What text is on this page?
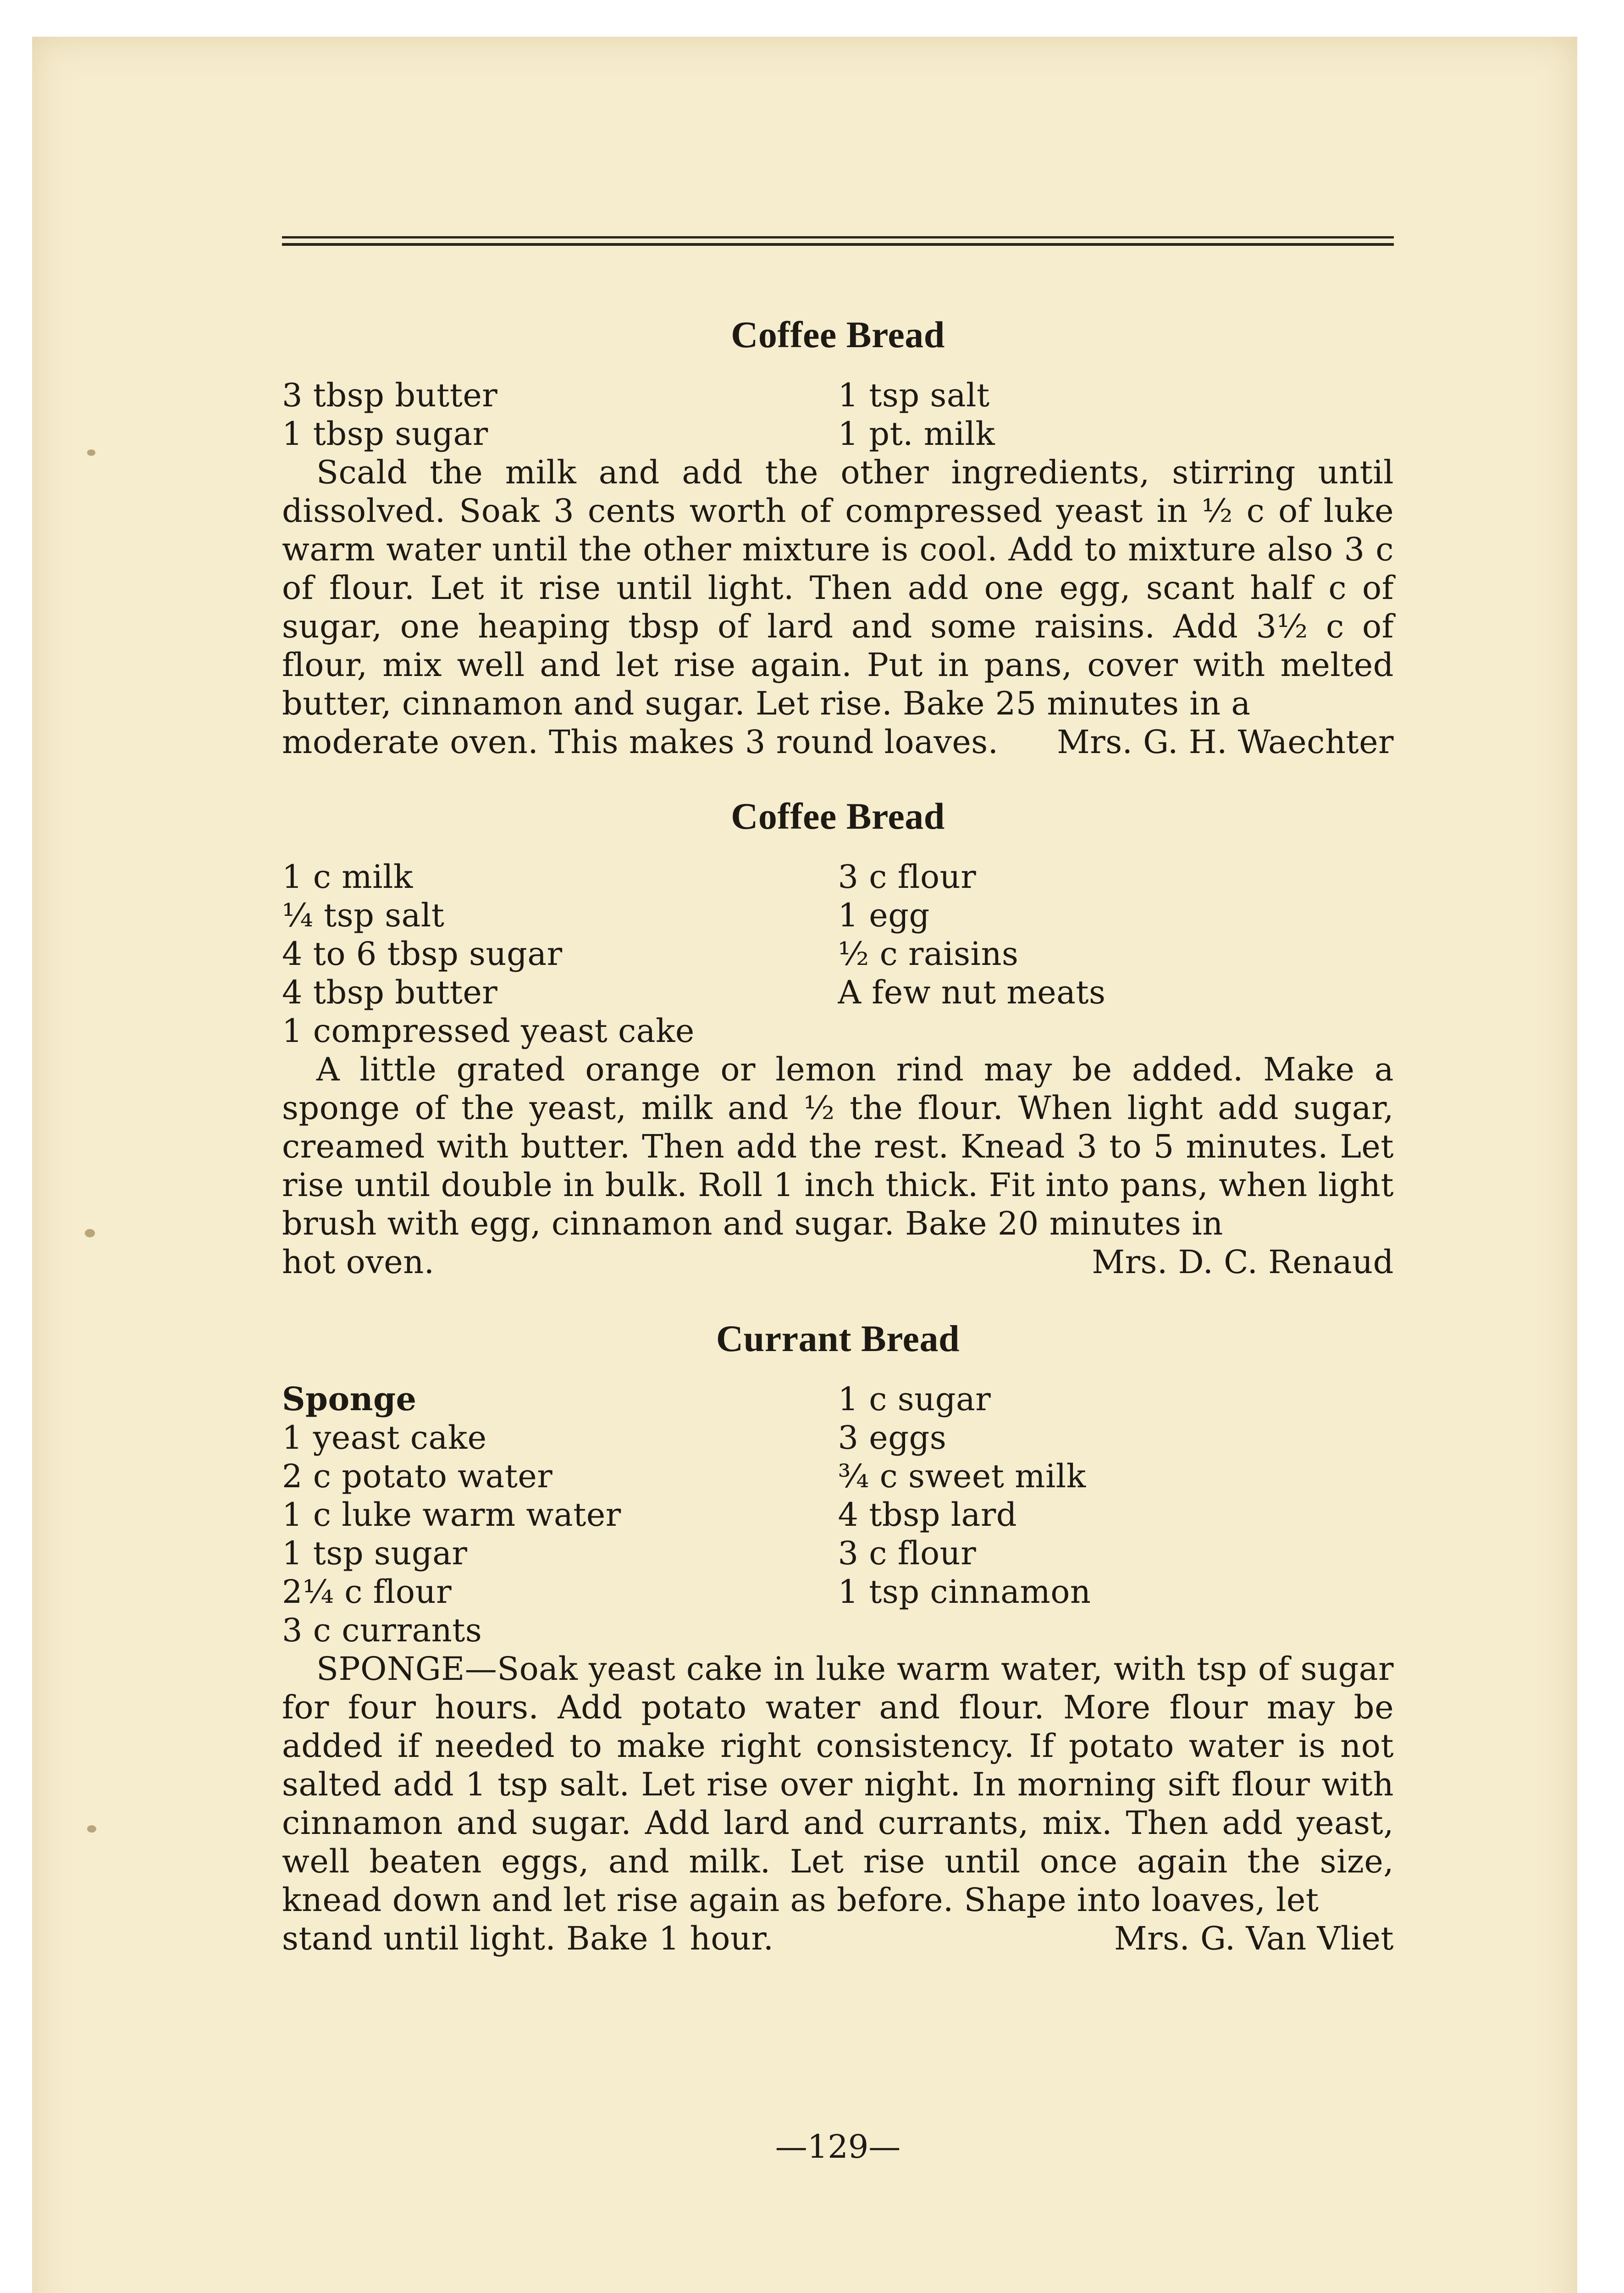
Coffee Bread
3 tbsp butter
1 tbsp sugar
1 tsp salt
1 pt. milk
Scald the milk and add the other ingredients, stirring until dissolved. Soak 3 cents worth of compressed yeast in ½ c of luke warm water until the other mixture is cool. Add to mixture also 3 c of flour. Let it rise until light. Then add one egg, scant half c of sugar, one heaping tbsp of lard and some raisins. Add 3½ c of flour, mix well and let rise again. Put in pans, cover with melted butter, cinnamon and sugar. Let rise. Bake 25 minutes in a
moderate oven. This makes 3 round loaves. Mrs. G. H. Waechter
Coffee Bread
1 c milk
¼ tsp salt
4 to 6 tbsp sugar
4 tbsp butter
1 compressed yeast cake
3 c flour
1 egg
½ c raisins
A few nut meats
A little grated orange or lemon rind may be added. Make a sponge of the yeast, milk and ½ the flour. When light add sugar, creamed with butter. Then add the rest. Knead 3 to 5 minutes. Let rise until double in bulk. Roll 1 inch thick. Fit into pans, when light brush with egg, cinnamon and sugar. Bake 20 minutes in
hot oven.	Mrs. D. C. Renaud
Currant Bread
Sponge
1 yeast cake
2 c potato water
1 c luke warm water
1 tsp sugar
2¼ c flour
3 c currants
1 c sugar
3 eggs
¾ c sweet milk
4 tbsp lard
3 c flour
1 tsp cinnamon
SPONGE—Soak yeast cake in luke warm water, with tsp of sugar for four hours. Add potato water and flour. More flour may be added if needed to make right consistency. If potato water is not salted add 1 tsp salt. Let rise over night. In morning sift flour with cinnamon and sugar. Add lard and currants, mix. Then add yeast, well beaten eggs, and milk. Let rise until once again the size, knead down and let rise again as before. Shape into loaves, let
stand until light. Bake 1 hour.	Mrs. G. Van Vliet
—129—
